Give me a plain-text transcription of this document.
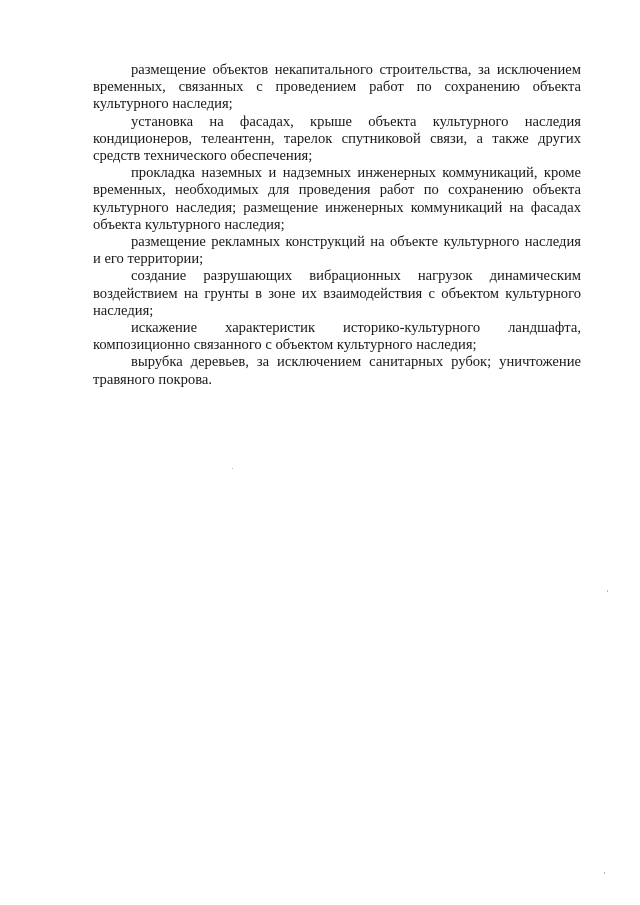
размещение объектов некапитального строительства, за исключением временных, связанных с проведением работ по сохранению объекта культурного наследия;

установка на фасадах, крыше объекта культурного наследия кондиционеров, телеантенн, тарелок спутниковой связи, а также других средств технического обеспечения;

прокладка наземных и надземных инженерных коммуникаций, кроме временных, необходимых для проведения работ по сохранению объекта культурного наследия; размещение инженерных коммуникаций на фасадах объекта культурного наследия;

размещение рекламных конструкций на объекте культурного наследия и его территории;

создание разрушающих вибрационных нагрузок динамическим воздействием на грунты в зоне их взаимодействия с объектом культурного наследия;

искажение характеристик историко-культурного ландшафта, композиционно связанного с объектом культурного наследия;

вырубка деревьев, за исключением санитарных рубок; уничтожение травяного покрова.
